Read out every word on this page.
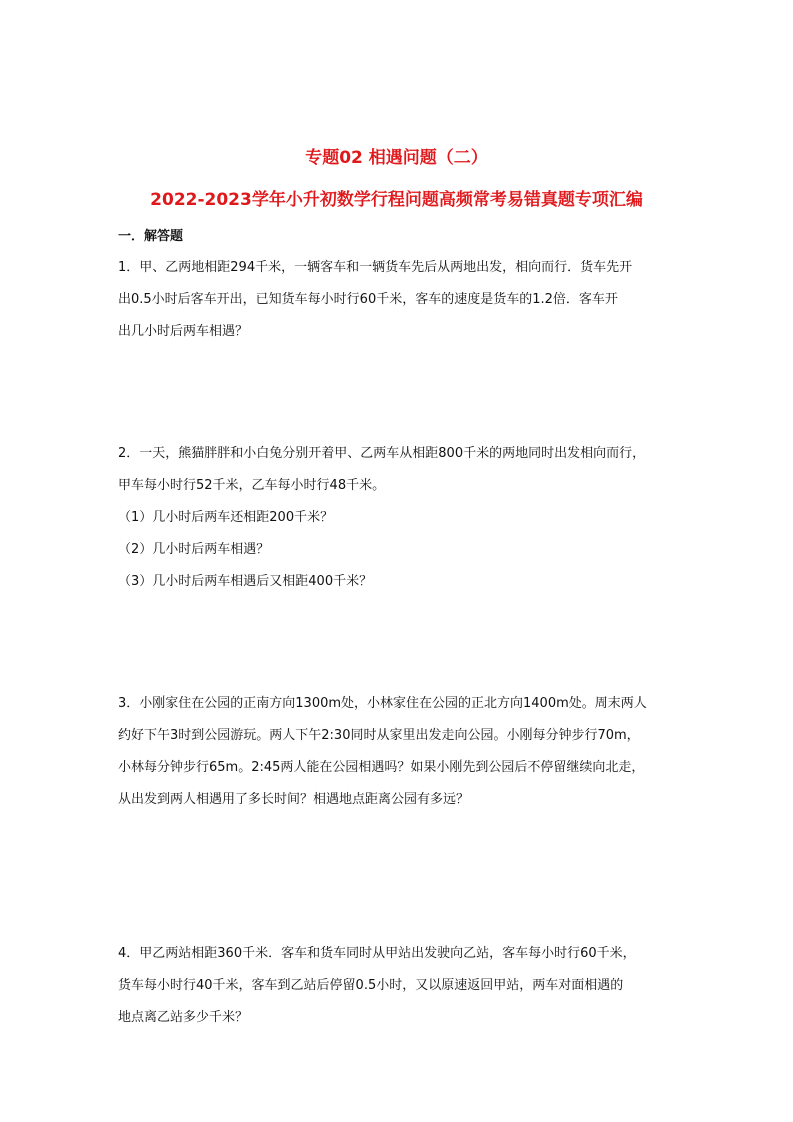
专题02 相遇问题（二）
2022-2023学年小升初数学行程问题高频常考易错真题专项汇编
一．解答题

1．甲、乙两地相距294千米，一辆客车和一辆货车先后从两地出发，相向而行．货车先开

出0.5小时后客车开出，已知货车每小时行60千米，客车的速度是货车的1.2倍．客车开

出几小时后两车相遇？

2．一天，熊猫胖胖和小白兔分别开着甲、乙两车从相距800千米的两地同时出发相向而行，

甲车每小时行52千米，乙车每小时行48千米。

（1）几小时后两车还相距200千米？

（2）几小时后两车相遇？

（3）几小时后两车相遇后又相距400千米？

3．小刚家住在公园的正南方向1300m处，小林家住在公园的正北方向1400m处。周末两人

约好下午3时到公园游玩。两人下午2:30同时从家里出发走向公园。小刚每分钟步行70m，

小林每分钟步行65m。2:45两人能在公园相遇吗？如果小刚先到公园后不停留继续向北走，

从出发到两人相遇用了多长时间？相遇地点距离公园有多远？

4．甲乙两站相距360千米．客车和货车同时从甲站出发驶向乙站，客车每小时行60千米，

货车每小时行40千米，客车到乙站后停留0.5小时，又以原速返回甲站，两车对面相遇的

地点离乙站多少千米？
